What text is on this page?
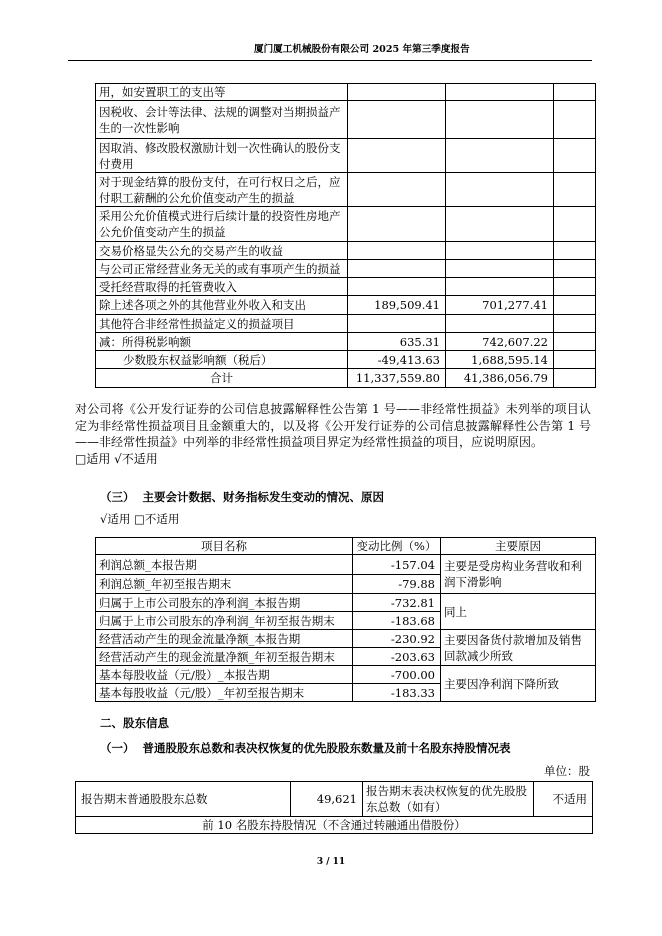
厦门厦工机械股份有限公司 2025 年第三季度报告
用，如安置职工的支出等			
因税收、会计等法律、法规的调整对当期损益产生的一次性影响			
因取消、修改股权激励计划一次性确认的股份支付费用			
对于现金结算的股份支付，在可行权日之后，应付职工薪酬的公允价值变动产生的损益			
采用公允价值模式进行后续计量的投资性房地产公允价值变动产生的损益			
交易价格显失公允的交易产生的收益			
与公司正常经营业务无关的或有事项产生的损益			
受托经营取得的托管费收入			
除上述各项之外的其他营业外收入和支出	189,509.41	701,277.41	
其他符合非经常性损益定义的损益项目			
减：所得税影响额	635.31	742,607.22	
少数股东权益影响额（税后）	-49,413.63	1,688,595.14	
合计	11,337,559.80	41,386,056.79	

对公司将《公开发行证券的公司信息披露解释性公告第 1 号——非经常性损益》未列举的项目认定为非经常性损益项目且金额重大的，以及将《公开发行证券的公司信息披露解释性公告第 1 号——非经常性损益》中列举的非经常性损益项目界定为经常性损益的项目，应说明原因。

□适用 √不适用

（三） 主要会计数据、财务指标发生变动的情况、原因
√适用 □不适用
项目名称	变动比例（%）	主要原因
利润总额_本报告期	-157.04	主要是受房构业务营收和利润下滑影响
利润总额_年初至报告期末	-79.88	
归属于上市公司股东的净利润_本报告期	-732.81	同上
归属于上市公司股东的净利润_年初至报告期末	-183.68	
经营活动产生的现金流量净额_本报告期	-230.92	主要因备货付款增加及销售回款减少所致
经营活动产生的现金流量净额_年初至报告期末	-203.63	
基本每股收益（元/股）_本报告期	-700.00	主要因净利润下降所致
基本每股收益（元/股）_年初至报告期末	-183.33	
二、股东信息
（一） 普通股股东总数和表决权恢复的优先股股东数量及前十名股东持股情况表
单位：股
报告期末普通股股东总数	49,621	报告期末表决权恢复的优先股股东总数（如有）	不适用
前 10 名股东持股情况（不含通过转融通出借股份）
3 / 11
